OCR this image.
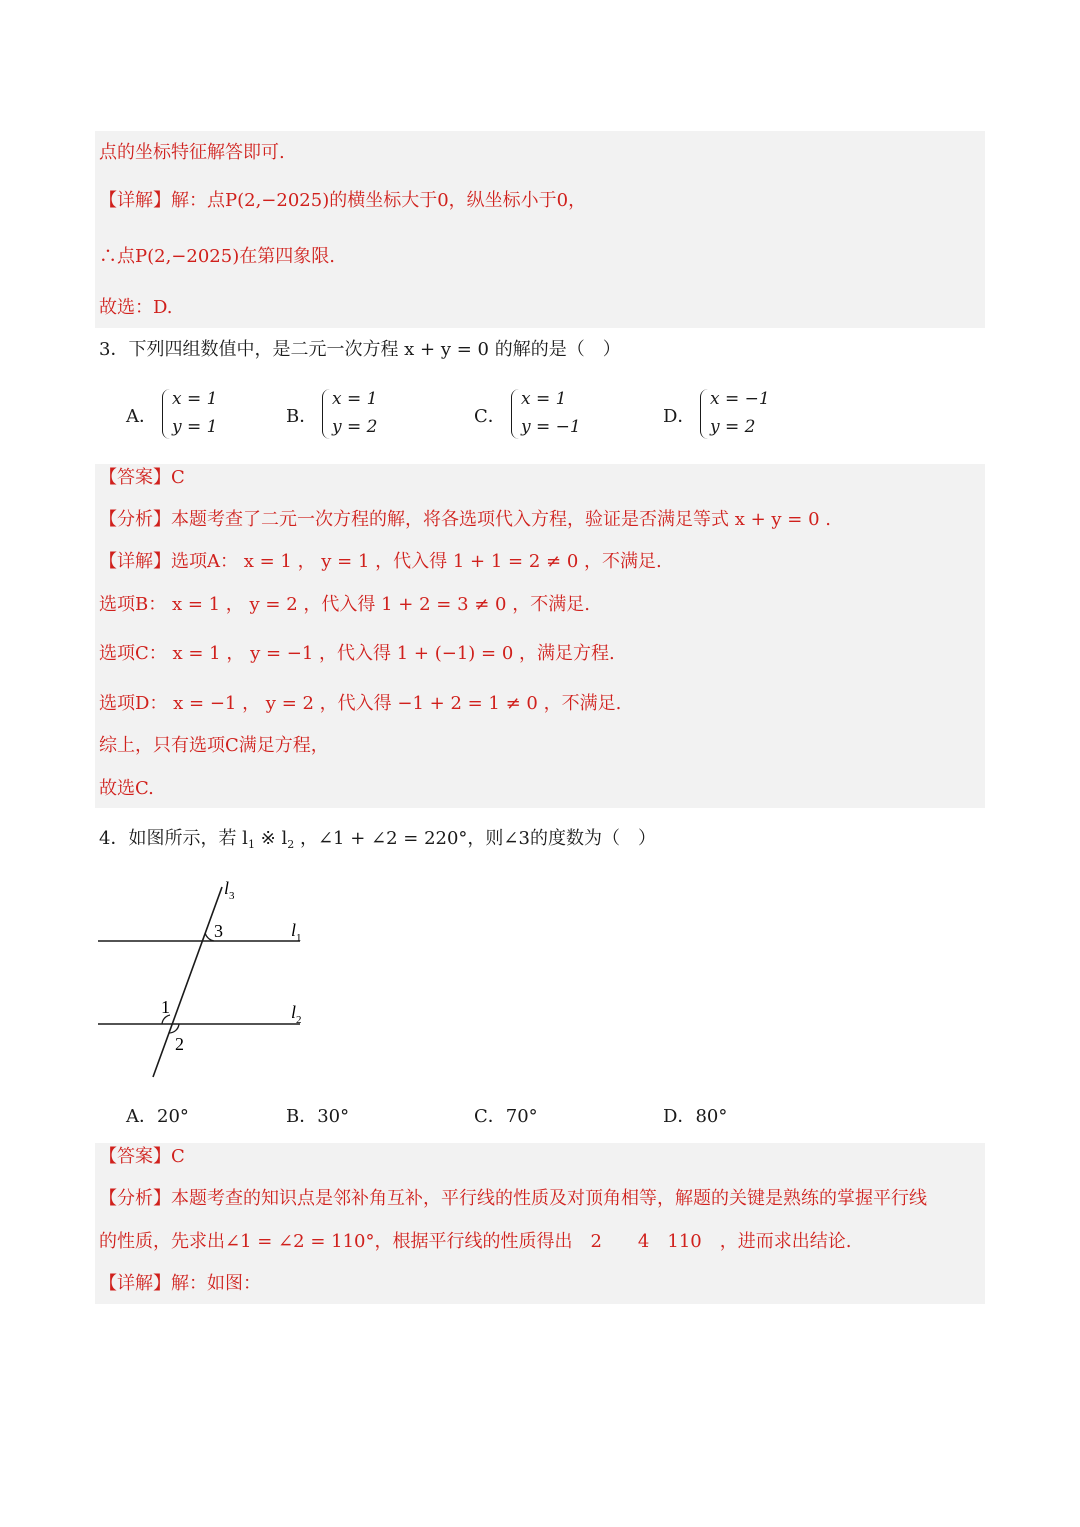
点的坐标特征解答即可.
【详解】解：点P(2,−2025)的横坐标大于0，纵坐标小于0，
∴点P(2,−2025)在第四象限.
故选：D.
3．下列四组数值中，是二元一次方程 x + y = 0 的解的是（　）
A．
x = 1
y = 1	B．
x = 1
y = 2	C．
x = 1
y = −1	D．
x = −1
y = 2
【答案】C
【分析】本题考查了二元一次方程的解，将各选项代入方程，验证是否满足等式 x + y = 0 .
【详解】选项A： x = 1 ， y = 1 ，代入得 1 + 1 = 2 ≠ 0 ，不满足.
选项B： x = 1 ， y = 2 ，代入得 1 + 2 = 3 ≠ 0 ，不满足.
选项C： x = 1 ， y = −1 ，代入得 1 + (−1) = 0 ，满足方程.
选项D： x = −1 ， y = 2 ，代入得 −1 + 2 = 1 ≠ 0 ，不满足.
综上，只有选项C满足方程，
故选C.
4．如图所示，若 $l_1$ ※ $l_2$ ，∠1 + ∠2 = 220°，则∠3的度数为（　）
$l_3$
$l_1$
$l_2$
3
1
2
A．20°	B．30°	C．70°	D．80°
【答案】C
【分析】本题考查的知识点是邻补角互补，平行线的性质及对顶角相等，解题的关键是熟练的掌握平行线
的性质，先求出∠1 = ∠2 = 110°，根据平行线的性质得出　2　　4　110　，进而求出结论.
【详解】解：如图：
